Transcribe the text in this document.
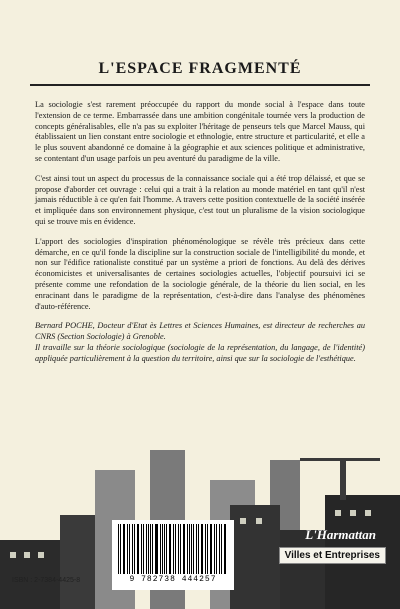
L'ESPACE FRAGMENTÉ

La sociologie s'est rarement préoccupée du rapport du monde social à l'espace dans toute l'extension de ce terme. Embarrassée dans une ambition congénitale tournée vers la production de concepts généralisables, elle n'a pas su exploiter l'héritage de penseurs tels que Marcel Mauss, qui établissaient un lien constant entre sociologie et ethnologie, entre structure et particularité, et elle a le plus souvent abandonné ce domaine à la géographie et aux sciences politique et administrative, se contentant d'un usage parfois un peu aventuré du paradigme de la ville.

C'est ainsi tout un aspect du processus de la connaissance sociale qui a été trop délaissé, et que se propose d'aborder cet ouvrage : celui qui a trait à la relation au monde matériel en tant qu'il n'est jamais réductible à ce qu'en fait l'homme. A travers cette position contextuelle de la société insérée et impliquée dans son environnement physique, c'est tout un pluralisme de la vision sociologique qui se trouve mis en évidence.

L'apport des sociologies d'inspiration phénoménologique se révèle très précieux dans cette démarche, en ce qu'il fonde la discipline sur la construction sociale de l'intelligibilité du monde, et non sur l'édifice rationaliste constitué par un système a priori de fonctions. Au delà des dérives économicistes et universalisantes de certaines sociologies actuelles, l'objectif poursuivi ici se présente comme une refondation de la sociologie générale, de la théorie du lien social, en les enracinant dans le paradigme de la représentation, c'est-à-dire dans l'analyse des phénomènes d'auto-référence.

Bernard POCHE, Docteur d'Etat ès Lettres et Sciences Humaines, est directeur de recherches au CNRS (Section Sociologie) à Grenoble.
Il travaille sur la théorie sociologique (sociologie de la représentation, du langage, de l'identité) appliquée particulièrement à la question du territoire, ainsi que sur la sociologie de l'esthétique.

L'Harmattan
Villes et Entreprises
ISBN : 2-7384-4425-8	9 782738 444257
